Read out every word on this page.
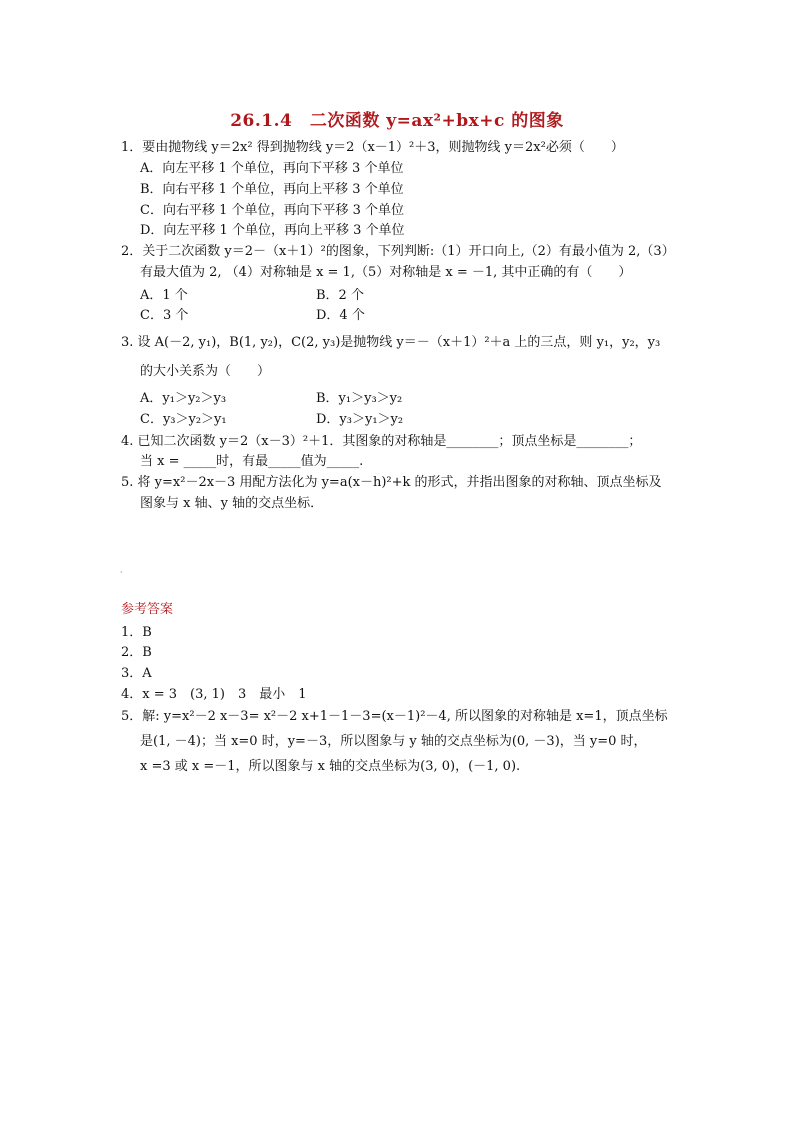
26.1.4　二次函数 y=ax²+bx+c 的图象
1．要由抛物线 y＝2x² 得到抛物线 y＝2（x－1）²＋3，则抛物线 y＝2x²必须（　　）
A．向左平移 1 个单位，再向下平移 3 个单位
B．向右平移 1 个单位，再向上平移 3 个单位
C．向右平移 1 个单位，再向下平移 3 个单位
D．向左平移 1 个单位，再向上平移 3 个单位
2．关于二次函数 y＝2－（x＋1）²的图象，下列判断:（1）开口向上,（2）有最小值为 2,（3）
有最大值为 2, （4）对称轴是 x = 1,（5）对称轴是 x = －1, 其中正确的有（　　）
A．1 个	B．2 个
C．3 个	D．4 个
3. 设 A(－2, y₁)，B(1, y₂)，C(2, y₃)是抛物线 y＝－（x＋1）²＋a 上的三点，则 y₁，y₂，y₃
的大小关系为（　　）
A．y₁＞y₂＞y₃	B．y₁＞y₃＞y₂
C．y₃＞y₂＞y₁	D．y₃＞y₁＞y₂
4. 已知二次函数 y＝2（x－3）²＋1．其图象的对称轴是________；顶点坐标是________；
当 x = _____时，有最_____值为_____.
5. 将 y=x²－2x－3 用配方法化为 y=a(x－h)²+k 的形式，并指出图象的对称轴、顶点坐标及
图象与 x 轴、y 轴的交点坐标．
·
参考答案
1．B
2．B
3．A
4．x = 3　(3, 1)　3　最小　1
5．解: y=x²－2 x－3= x²－2 x+1－1－3=(x－1)²－4, 所以图象的对称轴是 x=1，顶点坐标
是(1, －4)；当 x=0 时，y=－3，所以图象与 y 轴的交点坐标为(0, －3)，当 y=0 时，
x =3 或 x =－1，所以图象与 x 轴的交点坐标为(3, 0)，(－1, 0).
